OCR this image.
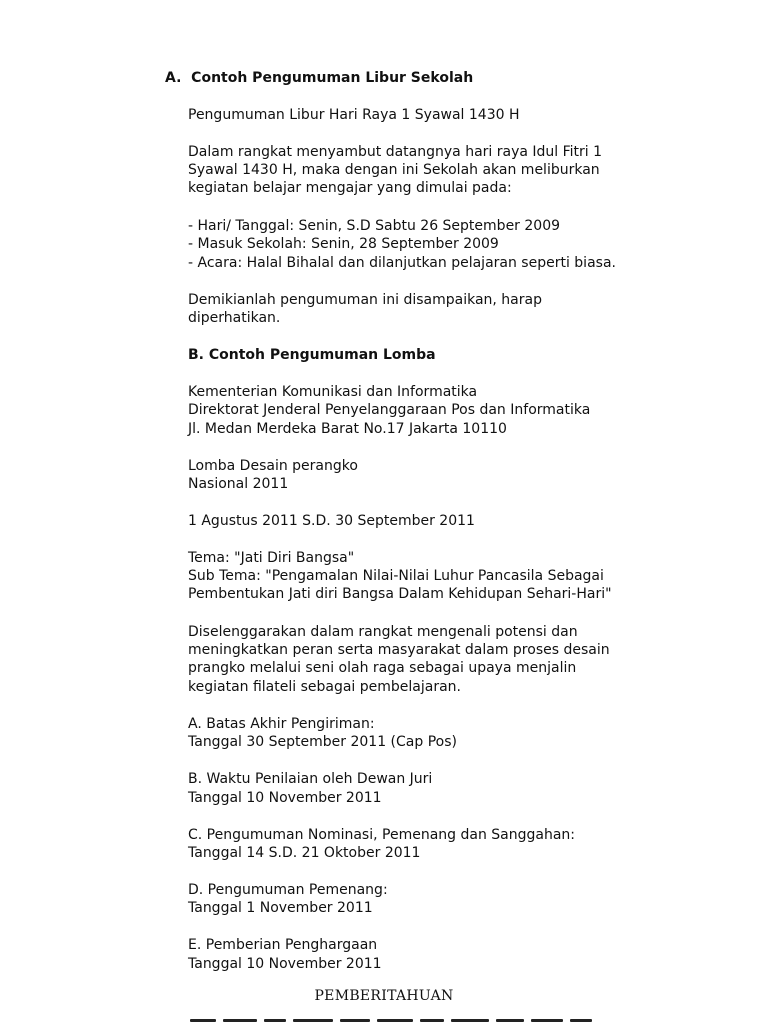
A. Contoh Pengumuman Libur Sekolah
Pengumuman Libur Hari Raya 1 Syawal 1430 H
Dalam rangkat menyambut datangnya hari raya Idul Fitri 1
Syawal 1430 H, maka dengan ini Sekolah akan meliburkan
kegiatan belajar mengajar yang dimulai pada:
- Hari/ Tanggal: Senin, S.D Sabtu 26 September 2009
- Masuk Sekolah: Senin, 28 September 2009
- Acara: Halal Bihalal dan dilanjutkan pelajaran seperti biasa.
Demikianlah pengumuman ini disampaikan, harap
diperhatikan.
B. Contoh Pengumuman Lomba
Kementerian Komunikasi dan Informatika
Direktorat Jenderal Penyelanggaraan Pos dan Informatika
Jl. Medan Merdeka Barat No.17 Jakarta 10110
Lomba Desain perangko
Nasional 2011
1 Agustus 2011 S.D. 30 September 2011
Tema: "Jati Diri Bangsa"
Sub Tema: "Pengamalan Nilai-Nilai Luhur Pancasila Sebagai
Pembentukan Jati diri Bangsa Dalam Kehidupan Sehari-Hari"
Diselenggarakan dalam rangkat mengenali potensi dan
meningkatkan peran serta masyarakat dalam proses desain
prangko melalui seni olah raga sebagai upaya menjalin
kegiatan filateli sebagai pembelajaran.
A. Batas Akhir Pengiriman:
Tanggal 30 September 2011 (Cap Pos)
B. Waktu Penilaian oleh Dewan Juri
Tanggal 10 November 2011
C. Pengumuman Nominasi, Pemenang dan Sanggahan:
Tanggal 14 S.D. 21 Oktober 2011
D. Pengumuman Pemenang:
Tanggal 1 November 2011
E. Pemberian Penghargaan
Tanggal 10 November 2011
PEMBERITAHUAN
